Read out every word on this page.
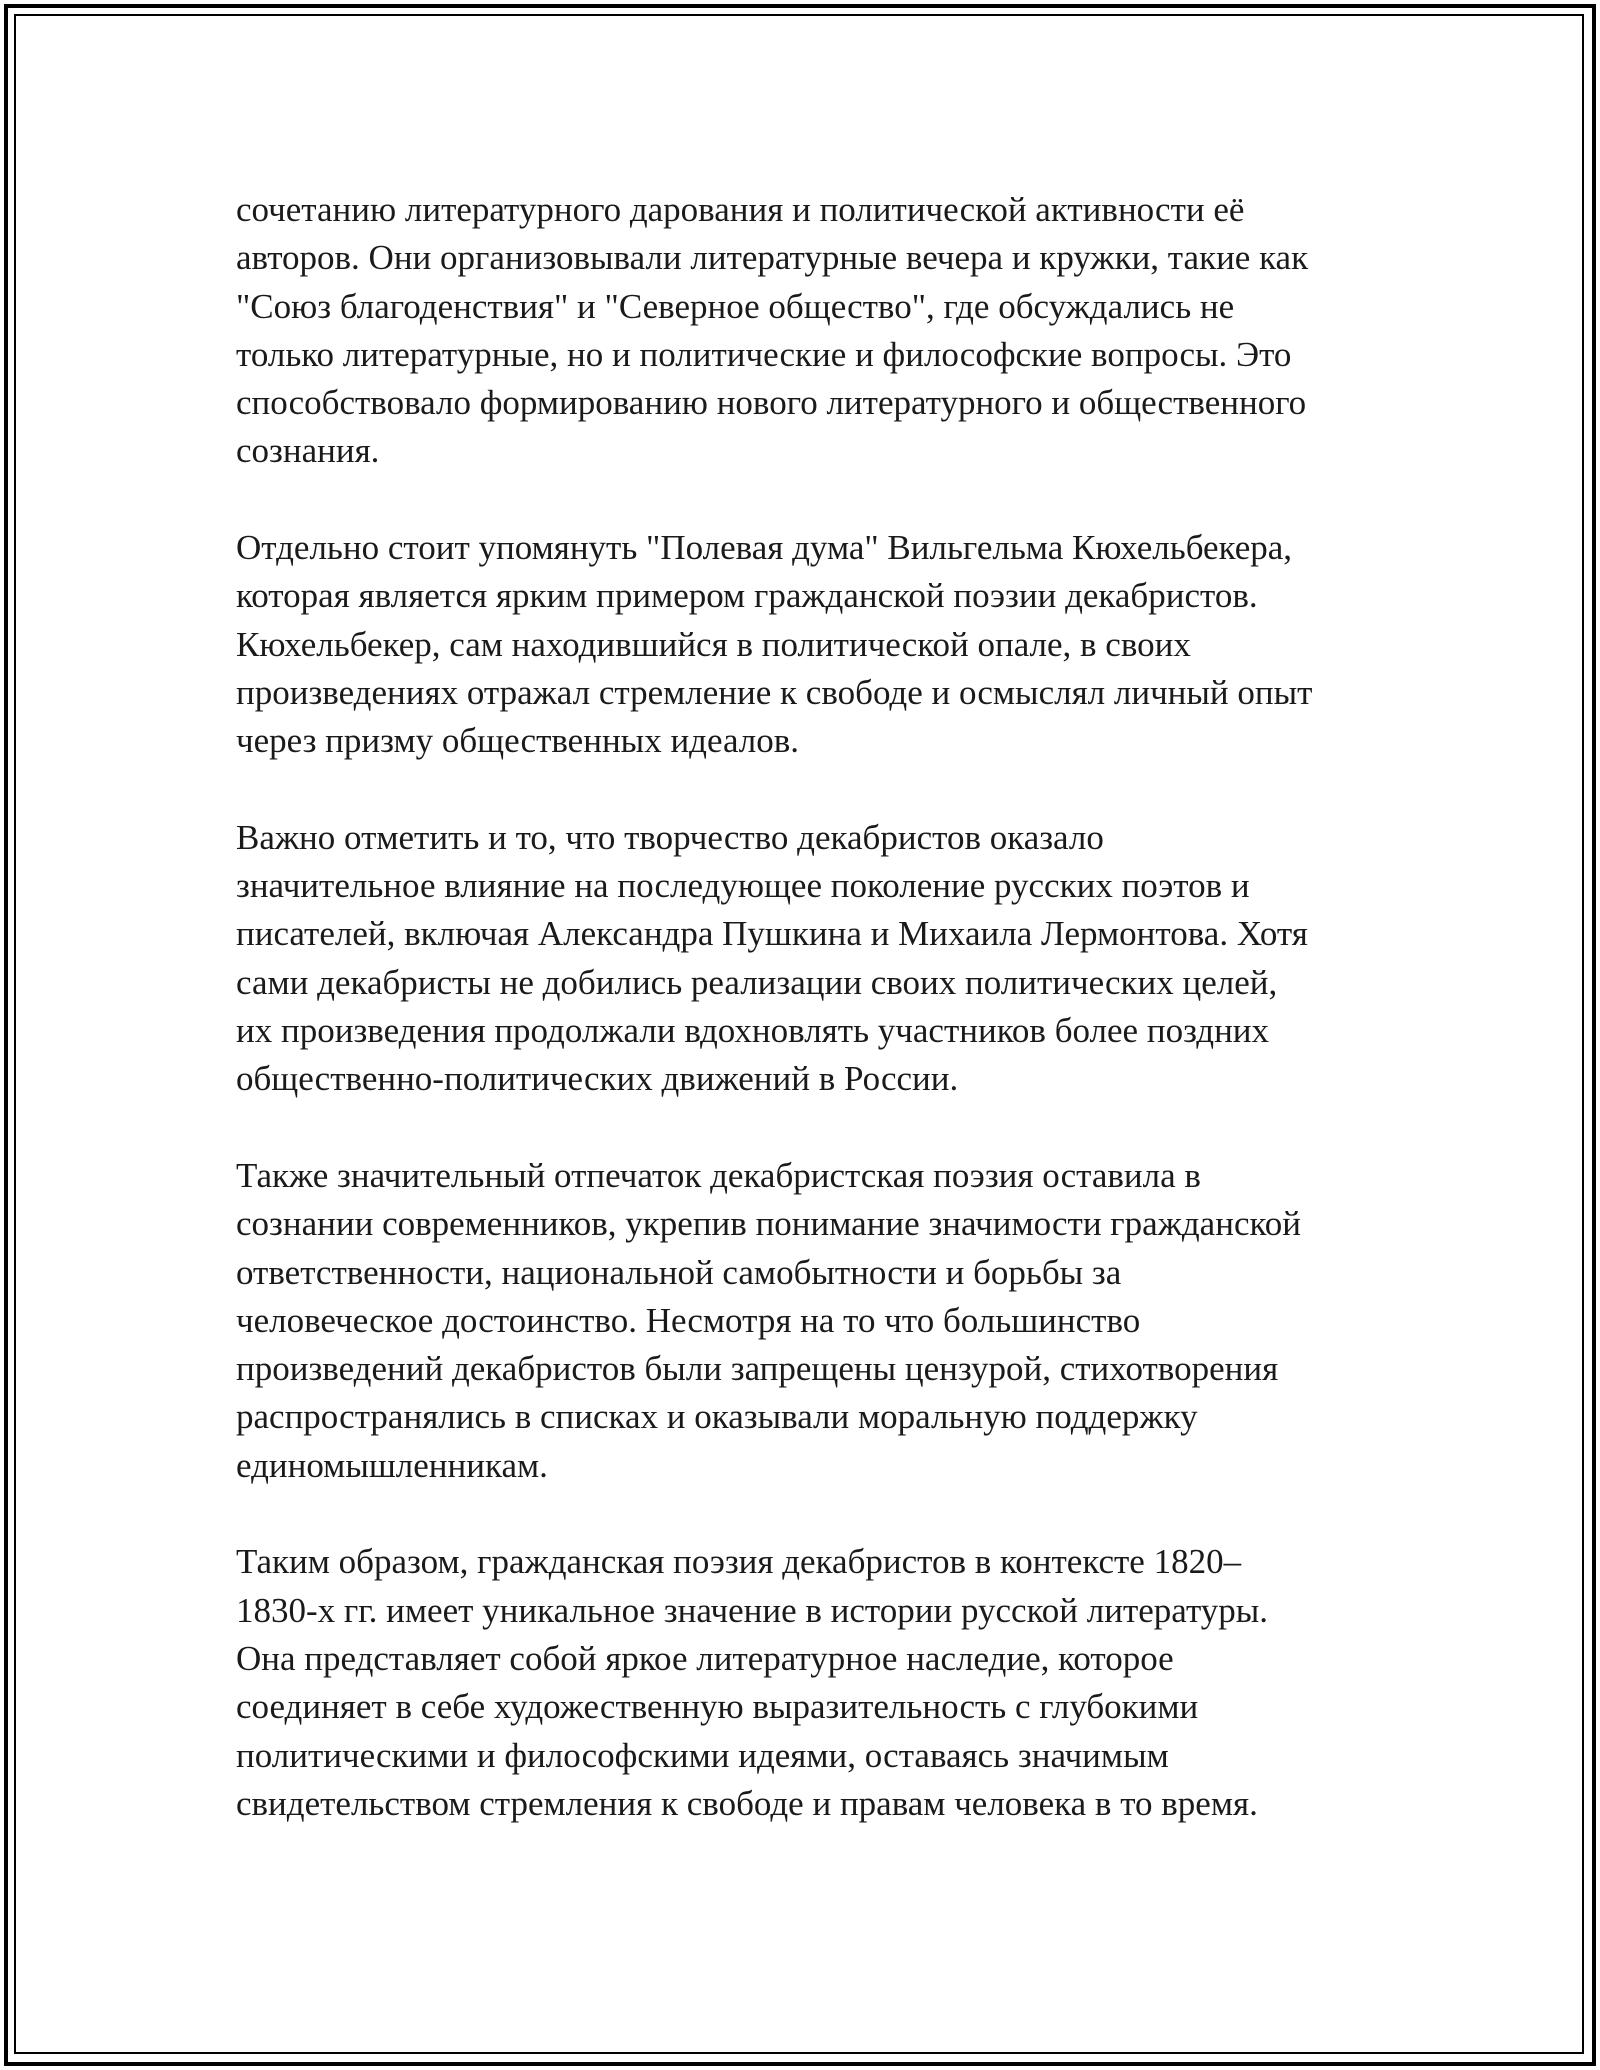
сочетанию литературного дарования и политической активности её
авторов. Они организовывали литературные вечера и кружки, такие как
"Союз благоденствия" и "Северное общество", где обсуждались не
только литературные, но и политические и философские вопросы. Это
способствовало формированию нового литературного и общественного
сознания.

Отдельно стоит упомянуть "Полевая дума" Вильгельма Кюхельбекера,
которая является ярким примером гражданской поэзии декабристов.
Кюхельбекер, сам находившийся в политической опале, в своих
произведениях отражал стремление к свободе и осмыслял личный опыт
через призму общественных идеалов.

Важно отметить и то, что творчество декабристов оказало
значительное влияние на последующее поколение русских поэтов и
писателей, включая Александра Пушкина и Михаила Лермонтова. Хотя
сами декабристы не добились реализации своих политических целей,
их произведения продолжали вдохновлять участников более поздних
общественно-политических движений в России.

Также значительный отпечаток декабристская поэзия оставила в
сознании современников, укрепив понимание значимости гражданской
ответственности, национальной самобытности и борьбы за
человеческое достоинство. Несмотря на то что большинство
произведений декабристов были запрещены цензурой, стихотворения
распространялись в списках и оказывали моральную поддержку
единомышленникам.

Таким образом, гражданская поэзия декабристов в контексте 1820–
1830-х гг. имеет уникальное значение в истории русской литературы.
Она представляет собой яркое литературное наследие, которое
соединяет в себе художественную выразительность с глубокими
политическими и философскими идеями, оставаясь значимым
свидетельством стремления к свободе и правам человека в то время.
